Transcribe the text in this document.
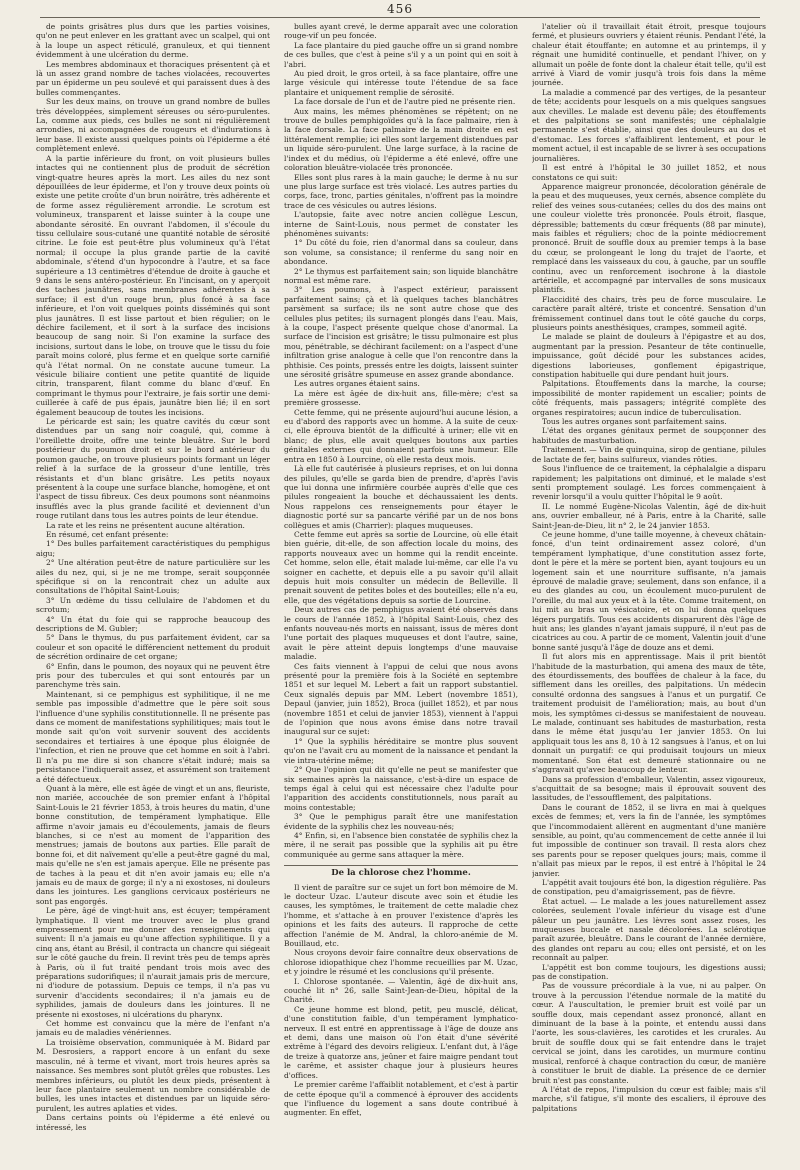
456

de points grisâtres plus durs que les parties voisines, qu'on ne peut enlever en les grattant avec un scalpel, qui ont à la loupe un aspect réticulé, granuleux, et qui tiennent évidemment à une ulcération du derme.

Les membres abdominaux et thoraciques présentent çà et là un assez grand nombre de taches violacées, recouvertes par un épiderme un peu soulevé et qui paraissent dues à des bulles commençantes.

Sur les deux mains, on trouve un grand nombre de bulles très développées, simplement séreuses ou séro-purulentes. La, comme aux pieds, ces bulles ne sont ni régulièrement arrondies, ni accompagnées de rougeurs et d'indurations à leur base. Il existe aussi quelques points où l'épiderme a été complètement enlevé.

A la partie inférieure du front, on voit plusieurs bulles intactes qui ne contiennent plus de produit de sécrétion vingt-quatre heures après la mort. Les ailes du nez sont dépouillées de leur épiderme, et l'on y trouve deux points où existe une petite croûte d'un brun noirâtre, très adhérente et de forme assez régulièrement arrondie. Le scrotum est volumineux, transparent et laisse suinter à la coupe une abondante sérosité. En ouvrant l'abdomen, il s'écoule du tissu cellulaire sous-cutané une quantité notable de sérosité citrine. Le foie est peut-être plus volumineux qu'à l'état normal; il occupe la plus grande partie de la cavité abdominale, s'étend d'un hypocondre à l'autre, et sa face supérieure a 13 centimètres d'étendue de droite à gauche et 9 dans le sens antéro-postérieur. En l'incisant, on y aperçoit des taches jaunâtres, sans membranes adhérentes à sa surface; il est d'un rouge brun, plus foncé à sa face inférieure, et l'on voit quelques points disséminés qui sont plus jaunâtres. Il est lisse partout et bien régulier; on le déchire facilement, et il sort à la surface des incisions beaucoup de sang noir. Si l'on examine la surface des incisions, surtout dans le lobe, on trouve que le tissu du foie paraît moins coloré, plus ferme et en quelque sorte carnifié qu'à l'état normal. On ne constate aucune tumeur. La vésicule biliaire contient une petite quantité de liquide citrin, transparent, filant comme du blanc d'œuf. En comprimant le thymus pour l'extraire, je fais sortir une demi-cuillerée à café de pus épais, jaunâtre bien lié; il en sort également beaucoup de toutes les incisions.

Le péricarde est sain; les quatre cavités du cœur sont distendues par un sang noir coagulé, qui, comme à l'oreillette droite, offre une teinte bleuâtre. Sur le bord postérieur du poumon droit et sur le bord antérieur du poumon gauche, on trouve plusieurs points formant un léger relief à la surface de la grosseur d'une lentille, très résistants et d'un blanc grisâtre. Les petits noyaux présentent à la coupe une surface blanche, homogène, et ont l'aspect de tissu fibreux. Ces deux poumons sont néanmoins insufflés avec la plus grande facilité et deviennent d'un rouge rutilant dans tous les autres points de leur étendue.

La rate et les reins ne présentent aucune altération.

En résumé, cet enfant présente:

1° Des bulles parfaitement caractéristiques du pemphigus aigu;

2° Une altération peut-être de nature particulière sur les ailes du nez, qui, si je ne me trompe, serait soupçonnée spécifique si on la rencontrait chez un adulte aux consultations de l'hôpital Saint-Louis;

3° Un œdème du tissu cellulaire de l'abdomen et du scrotum;

4° Un état du foie qui se rapproche beaucoup des descriptions de M. Gubler;

5° Dans le thymus, du pus parfaitement évident, car sa couleur et son opacité le différencient nettement du produit de sécrétion ordinaire de cet organe;

6° Enfin, dans le poumon, des noyaux qui ne peuvent être pris pour des tubercules et qui sont entourés par un parenchyme très sain.

Maintenant, si ce pemphigus est syphilitique, il ne me semble pas impossible d'admettre que le père soit sous l'influence d'une syphilis constitutionnelle. Il ne présente pas dans ce moment de manifestations syphilitiques; mais tout le monde sait qu'on voit survenir souvent des accidents secondaires et tertiaires à une époque plus éloignée de l'infection, et rien ne prouve que cet homme en soit à l'abri. Il n'a pu me dire si son chancre s'était induré; mais sa persistance l'indiquerait assez, et assurément son traitement a été défectueux.

Quant à la mère, elle est âgée de vingt et un ans, fleuriste, non mariée, accouchée de son premier enfant à l'hôpital Saint-Louis le 21 février 1853, à trois heures du matin, d'une bonne constitution, de tempérament lymphatique. Elle affirme n'avoir jamais eu d'écoulements, jamais de fleurs blanches, si ce n'est au moment de l'apparition des menstrues; jamais de boutons aux parties. Elle paraît de bonne foi, et dit naïvement qu'elle a peut-être gagné du mal, mais qu'elle ne s'en est jamais aperçue. Elle ne présente pas de taches à la peau et dit n'en avoir jamais eu; elle n'a jamais eu de maux de gorge; il n'y a ni exostoses, ni douleurs dans les jointures. Les ganglions cervicaux postérieurs ne sont pas engorgés.

Le père, âgé de vingt-huit ans, est écuyer; tempérament lymphatique. Il vient me trouver avec le plus grand empressement pour me donner des renseignements qui suivent: Il n'a jamais eu qu'une affection syphilitique. Il y a cinq ans, étant au Brésil, il contracta un chancre qui siégeait sur le côté gauche du frein. Il revint très peu de temps après à Paris, où il fut traité pendant trois mois avec des préparations sudorifiques; il n'aurait jamais pris de mercure, ni d'iodure de potassium. Depuis ce temps, il n'a pas vu survenir d'accidents secondaires; il n'a jamais eu de syphilides, jamais de douleurs dans les jointures. Il ne présente ni exostoses, ni ulcérations du pharynx.

Cet homme est convaincu que la mère de l'enfant n'a jamais eu de maladies vénériennes.

La troisième observation, communiquée à M. Bidard par M. Desrosiers, a rapport encore à un enfant du sexe masculin, né à terme et vivant, mort trois heures après sa naissance. Ses membres sont plutôt grêles que robustes. Les membres inférieurs, ou plutôt les deux pieds, présentent à leur face plantaire seulement un nombre considérable de bulles, les unes intactes et distendues par un liquide séro-purulent, les autres aplaties et vides.

Dans certains points où l'épiderme a été enlevé ou intéressé, les

bulles ayant crevé, le derme apparaît avec une coloration rouge-vif un peu foncée.

La face plantaire du pied gauche offre un si grand nombre de ces bulles, que c'est à peine s'il y a un point qui en soit à l'abri.

Au pied droit, le gros orteil, à sa face plantaire, offre une large vésicule qui intéresse toute l'étendue de sa face plantaire et uniquement remplie de sérosité.

La face dorsale de l'un et de l'autre pied ne présente rien.

Aux mains, les mêmes phénomènes se répètent; on ne trouve de bulles pemphigoïdes qu'à la face palmaire, rien à la face dorsale. La face palmaire de la main droite en est littéralement remplie; ici elles sont largement distendues par un liquide séro-purulent. Une large surface, à la racine de l'index et du médius, où l'épiderme a été enlevé, offre une coloration bleuâtre-violacée très prononcée.

Elles sont plus rares à la main gauche; le derme à nu sur une plus large surface est très violacé. Les autres parties du corps, face, tronc, parties génitales, n'offrent pas la moindre trace de ces vésicules ou autres lésions.

L'autopsie, faite avec notre ancien collègue Lescun, interne de Saint-Louis, nous permet de constater les phénomènes suivants:

1° Du côté du foie, rien d'anormal dans sa couleur, dans son volume, sa consistance; il renferme du sang noir en abondance.

2° Le thymus est parfaitement sain; son liquide blanchâtre normal est même rare.

3° Les poumons, à l'aspect extérieur, paraissent parfaitement sains; çà et là quelques taches blanchâtres parsèment sa surface; ils ne sont autre chose que des cellules plus petites; ils surnagent plongés dans l'eau. Mais, à la coupe, l'aspect présente quelque chose d'anormal. La surface de l'incision est grisâtre; le tissu pulmonaire est plus mou, pénétrable, se déchirant facilement: on a l'aspect d'une infiltration grise analogue à celle que l'on rencontre dans la phthisie. Ces points, pressés entre les doigts, laissent suinter une sérosité grisâtre spumeuse en assez grande abondance.

Les autres organes étaient sains.

La mère est âgée de dix-huit ans, fille-mère; c'est sa première grossesse.

Cette femme, qui ne présente aujourd'hui aucune lésion, a eu d'abord des rapports avec un homme. A la suite de ceux-ci, elle éprouva bientôt de la difficulté à uriner; elle vit en blanc; de plus, elle avait quelques boutons aux parties génitales externes qui donnaient parfois une humeur. Elle entra en 1850 à Lourcine, où elle resta deux mois.

Là elle fut cautérisée à plusieurs reprises, et on lui donna des pilules, qu'elle se garda bien de prendre, d'après l'avis que lui donna une infirmière courbée auprès d'elle que ces pilules rongeaient la bouche et déchaussaient les dents. Nous rappelons ces renseignements pour étayer le diagnostic porté sur sa pancarte vérifié par un de nos bons collègues et amis (Charrier): plaques muqueuses.

Cette femme eut après sa sortie de Lourcine, où elle était bien guérie, dit-elle, de son affection locale du moins, des rapports nouveaux avec un homme qui la rendit enceinte. Cet homme, selon elle, était malade lui-même, car elle l'a vu soigner en cachette, et depuis elle a pu savoir qu'il allait depuis huit mois consulter un médecin de Belleville. Il prenait souvent de petites boles et des bouteilles; elle n'a eu, elle, que des végétations depuis sa sortie de Lourcine.

Deux autres cas de pemphigus avaient été observés dans le cours de l'année 1852, à l'hôpital Saint-Louis, chez des enfants nouveau-nés morts en naissant, issus de mères dont l'une portait des plaques muqueuses et dont l'autre, saine, avait le père atteint depuis longtemps d'une mauvaise maladie.

Ces faits viennent à l'appui de celui que nous avons présenté pour la première fois à la Société en septembre 1851 et sur lequel M. Lebert a fait un rapport substantiel. Ceux signalés depuis par MM. Lebert (novembre 1851), Depaul (janvier, juin 1852), Broca (juillet 1852), et par nous (novembre 1851 et celui de janvier 1853), viennent à l'appui de l'opinion que nous avons émise dans notre travail inaugural sur ce sujet:

1° Que la syphilis héréditaire se montre plus souvent qu'on ne l'avait cru au moment de la naissance et pendant la vie intra-utérine même;

2° Que l'opinion qui dit qu'elle ne peut se manifester que six semaines après la naissance, c'est-à-dire un espace de temps égal à celui qui est nécessaire chez l'adulte pour l'apparition des accidents constitutionnels, nous paraît au moins contestable;

3° Que le pemphigus paraît être une manifestation évidente de la syphilis chez les nouveau-nés;

4° Enfin, si, en l'absence bien constatée de syphilis chez la mère, il ne serait pas possible que la syphilis ait pu être communiquée au germe sans attaquer la mère.

De la chlorose chez l'homme.

Il vient de paraître sur ce sujet un fort bon mémoire de M. le docteur Uzac. L'auteur discute avec soin et étudie les causes, les symptômes, le traitement de cette maladie chez l'homme, et s'attache à en prouver l'existence d'après les opinions et les faits des auteurs. Il rapproche de cette affection l'anémie de M. Andral, la chloro-anémie de M. Bouillaud, etc.

Nous croyons devoir faire connaître deux observations de chlorose idiopathique chez l'homme recueillies par M. Uzac, et y joindre le résumé et les conclusions qu'il présente.

I. Chlorose spontanée. — Valentin, âgé de dix-huit ans, couché lit n° 26, salle Saint-Jean-de-Dieu, hôpital de la Charité.

Ce jeune homme est blond, petit, peu musclé, délicat, d'une constitution faible, d'un tempérament lymphatico-nerveux. Il est entré en apprentissage à l'âge de douze ans et demi, dans une maison où l'on était d'une sévérité extrême à l'égard des devoirs religieux. L'enfant dut, à l'âge de treize à quatorze ans, jeûner et faire maigre pendant tout le carême, et assister chaque jour à plusieurs heures d'offices.

Le premier carême l'affaiblit notablement, et c'est à partir de cette époque qu'il a commencé à éprouver des accidents que l'influence du logement a sans doute contribué à augmenter. En effet,

l'atelier où il travaillait était étroit, presque toujours fermé, et plusieurs ouvriers y étaient réunis. Pendant l'été, la chaleur était étouffante; en automne et au printemps, il y régnait une humidité continuelle, et pendant l'hiver, on y allumait un poêle de fonte dont la chaleur était telle, qu'il est arrivé à Viard de vomir jusqu'à trois fois dans la même journée.

La maladie a commencé par des vertiges, de la pesanteur de tête; accidents pour lesquels on a mis quelques sangsues aux chevilles. Le malade est devenu pâle; des étouffements et des palpitations se sont manifestés; une céphalalgie permanente s'est établie, ainsi que des douleurs au dos et d'estomac. Les forces s'affaiblirent lentement, et pour le moment actuel, il est incapable de se livrer à ses occupations journalières.

Il est entré à l'hôpital le 30 juillet 1852, et nous constatons ce qui suit:

Apparence maigreur prononcée, décoloration générale de la peau et des muqueuses, yeux cernés, absence complète du relief des veines sous-cutanées; celles du dos des mains ont une couleur violette très prononcée. Pouls étroit, flasque, dépressible; battements du cœur fréquents (88 par minute), mais faibles et réguliers; choc de la pointe médiocrement prononcé. Bruit de souffle doux au premier temps à la base du cœur, se prolongeant le long du trajet de l'aorte, et remplacé dans les vaisseaux du cou, à gauche, par un souffle continu, avec un renforcement isochrone à la diastole artérielle, et accompagné par intervalles de sons musicaux plaintifs.

Flaccidité des chairs, très peu de force musculaire. Le caractère paraît altéré, triste et concentré. Sensation d'un frémissement continuel dans tout le côté gauche du corps, plusieurs points anesthésiques, crampes, sommeil agité.

Le malade se plaint de douleurs à l'épigastre et au dos, augmentant par la pression. Pesanteur de tête continuelle, impuissance, goût décidé pour les substances acides, digestions laborieuses, gonflement épigastrique, constipation habituelle qui dure pendant huit jours.

Palpitations. Étouffements dans la marche, la course; impossibilité de monter rapidement un escalier; points de côté fréquents, mais passagers; intégrité complète des organes respiratoires; aucun indice de tuberculisation.

Tous les autres organes sont parfaitement sains.

L'état des organes génitaux permet de soupçonner des habitudes de masturbation.

Traitement. — Vin de quinquina, sirop de gentiane, pilules de lactate de fer, bains sulfureux, viandes rôties.

Sous l'influence de ce traitement, la céphalalgie a disparu rapidement; les palpitations ont diminué, et le malade s'est senti promptement soulagé. Les forces commençaient à revenir lorsqu'il a voulu quitter l'hôpital le 9 août.

II. Le nommé Eugène-Nicolas Valentin, âgé de dix-huit ans, ouvrier emballeur, né à Paris, entre à la Charité, salle Saint-Jean-de-Dieu, lit n° 2, le 24 janvier 1853.

Ce jeune homme, d'une taille moyenne, à cheveux châtain-foncé, d'un teint ordinairement assez coloré, d'un tempérament lymphatique, d'une constitution assez forte, dont le père et la mère se portent bien, ayant toujours eu un logement sain et une nourriture suffisante, n'a jamais éprouvé de maladie grave; seulement, dans son enfance, il a eu des glandes au cou, un écoulement muco-purulent de l'oreille, du mal aux yeux et à la tête. Comme traitement, on lui mit au bras un vésicatoire, et on lui donna quelques légers purgatifs. Tous ces accidents disparurent dès l'âge de huit ans; les glandes n'ayant jamais suppuré, il n'eut pas de cicatrices au cou. A partir de ce moment, Valentin jouit d'une bonne santé jusqu'à l'âge de douze ans et demi.

Il fut alors mis en apprentissage. Mais il prit bientôt l'habitude de la masturbation, qui amena des maux de tête, des étourdissements, des bouffées de chaleur à la face, du sifflement dans les oreilles, des palpitations. Un médecin consulté ordonna des sangsues à l'anus et un purgatif. Ce traitement produisit de l'amélioration; mais, au bout d'un mois, les symptômes ci-dessus se manifestaient de nouveau. Le malade, continuant ses habitudes de masturbation, resta dans le même état jusqu'au 1er janvier 1853. On lui appliquait tous les ans 8, 10 à 12 sangsues à l'anus, et on lui donnait un purgatif: ce qui produisait toujours un mieux momentané. Son état est demeuré stationnaire ou ne s'aggravait qu'avec beaucoup de lenteur.

Dans sa profession d'emballeur, Valentin, assez vigoureux, s'acquittait de sa besogne; mais il éprouvait souvent des lassitudes, de l'essoufflement, des palpitations.

Dans le courant de 1852, il se livra en mai à quelques excès de femmes; et, vers la fin de l'année, les symptômes que l'incommodaient allèrent en augmentant d'une manière sensible, au point, qu'au commencement de cette année il lui fut impossible de continuer son travail. Il resta alors chez ses parents pour se reposer quelques jours; mais, comme il n'allait pas mieux par le repos, il est entré à l'hôpital le 24 janvier.

L'appétit avait toujours été bon, la digestion régulière. Pas de constipation, peu d'amaigrissement, pas de fièvre.

État actuel. — Le malade a les joues naturellement assez colorées, seulement l'ovale inférieur du visage est d'une pâleur un peu jaunâtre. Les lèvres sont assez roses, les muqueuses buccale et nasale décolorées. La sclérotique paraît azurée, bleuâtre. Dans le courant de l'année dernière, des glandes ont reparu au cou; elles ont persisté, et on les reconnaît au palper.

L'appétit est bon comme toujours, les digestions aussi; pas de constipation.

Pas de voussure précordiale à la vue, ni au palper. On trouve à la percussion l'étendue normale de la matité du cœur. A l'auscultation, le premier bruit est voilé par un souffle doux, mais cependant assez prononcé, allant en diminuant de la base à la pointe, et entendu aussi dans l'aorte, les sous-clavières, les carotides et les crurales. Au bruit de souffle doux qui se fait entendre dans le trajet cervical se joint, dans les carotides, un murmure continu musical, renforcé à chaque contraction du cœur, de manière à constituer le bruit de diable. La présence de ce dernier bruit n'est pas constante.

A l'état de repos, l'impulsion du cœur est faible; mais s'il marche, s'il fatigue, s'il monte des escaliers, il éprouve des palpitations
